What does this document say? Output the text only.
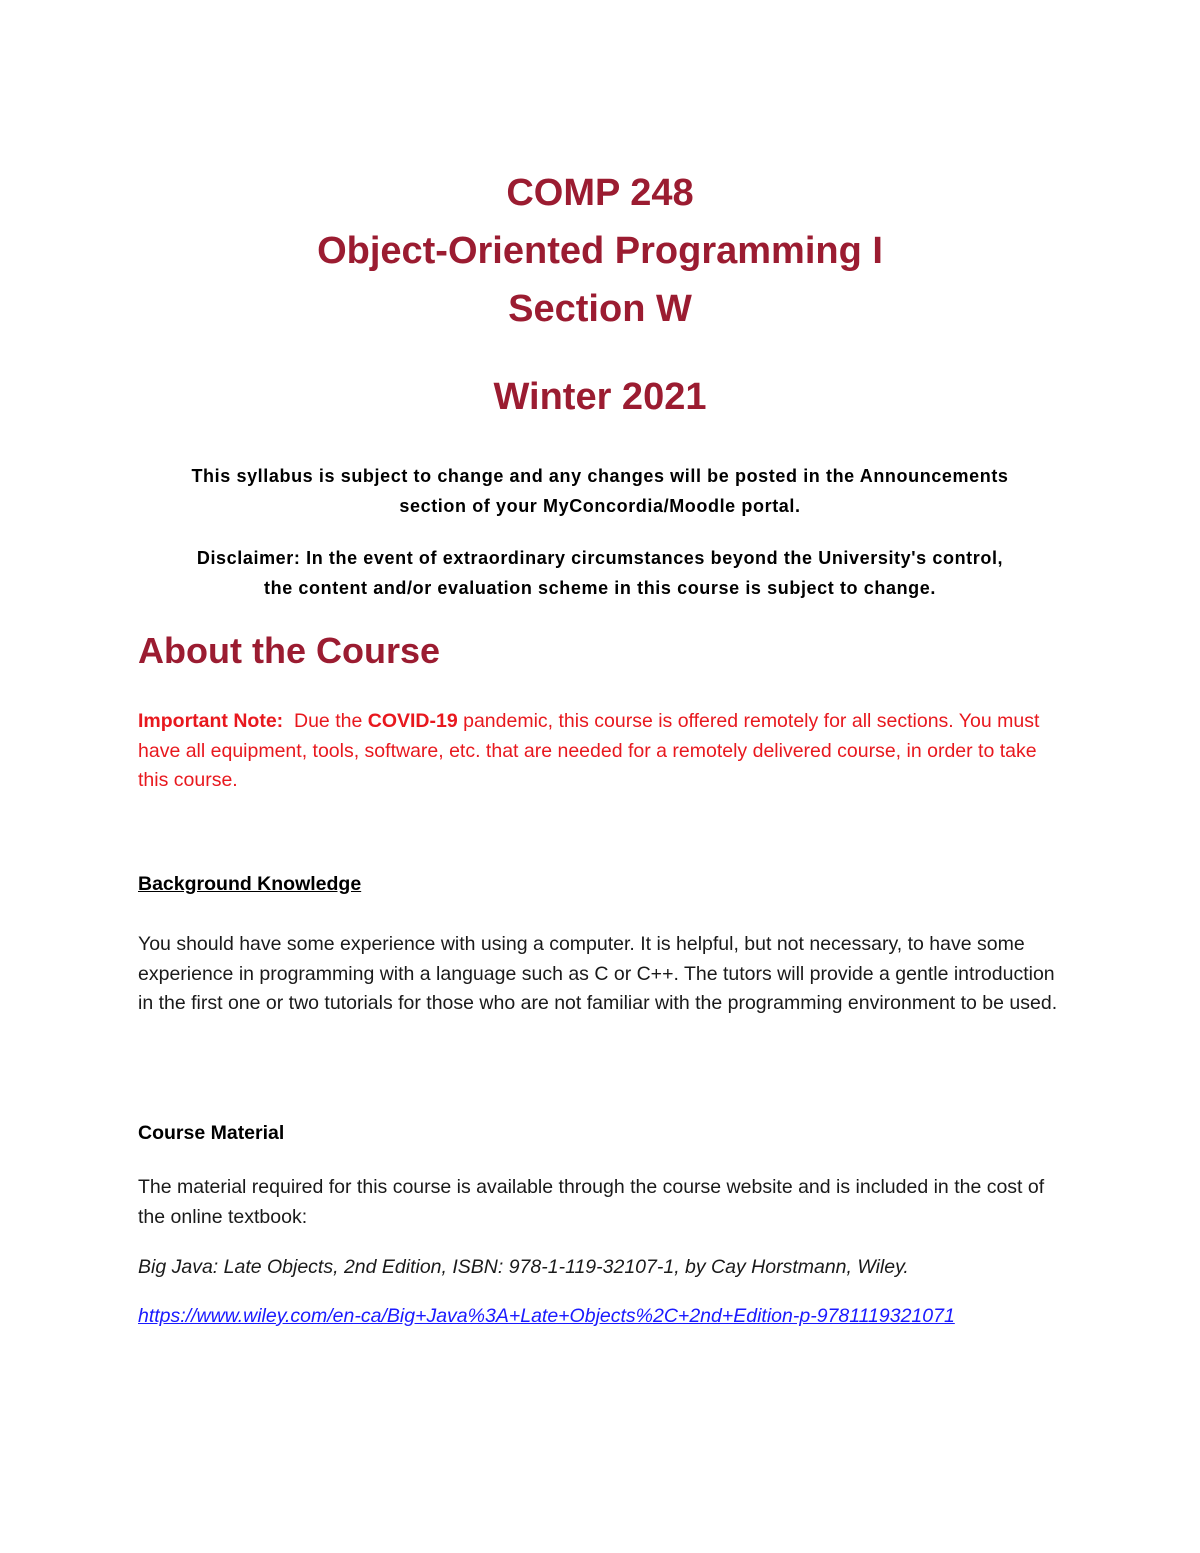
COMP 248
Object-Oriented Programming I
Section W
Winter 2021
This syllabus is subject to change and any changes will be posted in the Announcements
section of your MyConcordia/Moodle portal.
Disclaimer: In the event of extraordinary circumstances beyond the University's control,
the content and/or evaluation scheme in this course is subject to change.
About the Course
Important Note: Due the COVID-19 pandemic, this course is offered remotely for all sections. You must have all equipment, tools, software, etc. that are needed for a remotely delivered course, in order to take this course.
Background Knowledge
You should have some experience with using a computer. It is helpful, but not necessary, to have some experience in programming with a language such as C or C++. The tutors will provide a gentle introduction in the first one or two tutorials for those who are not familiar with the programming environment to be used.
Course Material
The material required for this course is available through the course website and is included in the cost of the online textbook:
Big Java: Late Objects, 2nd Edition, ISBN: 978-1-119-32107-1, by Cay Horstmann, Wiley.
https://www.wiley.com/en-ca/Big+Java%3A+Late+Objects%2C+2nd+Edition-p-9781119321071
